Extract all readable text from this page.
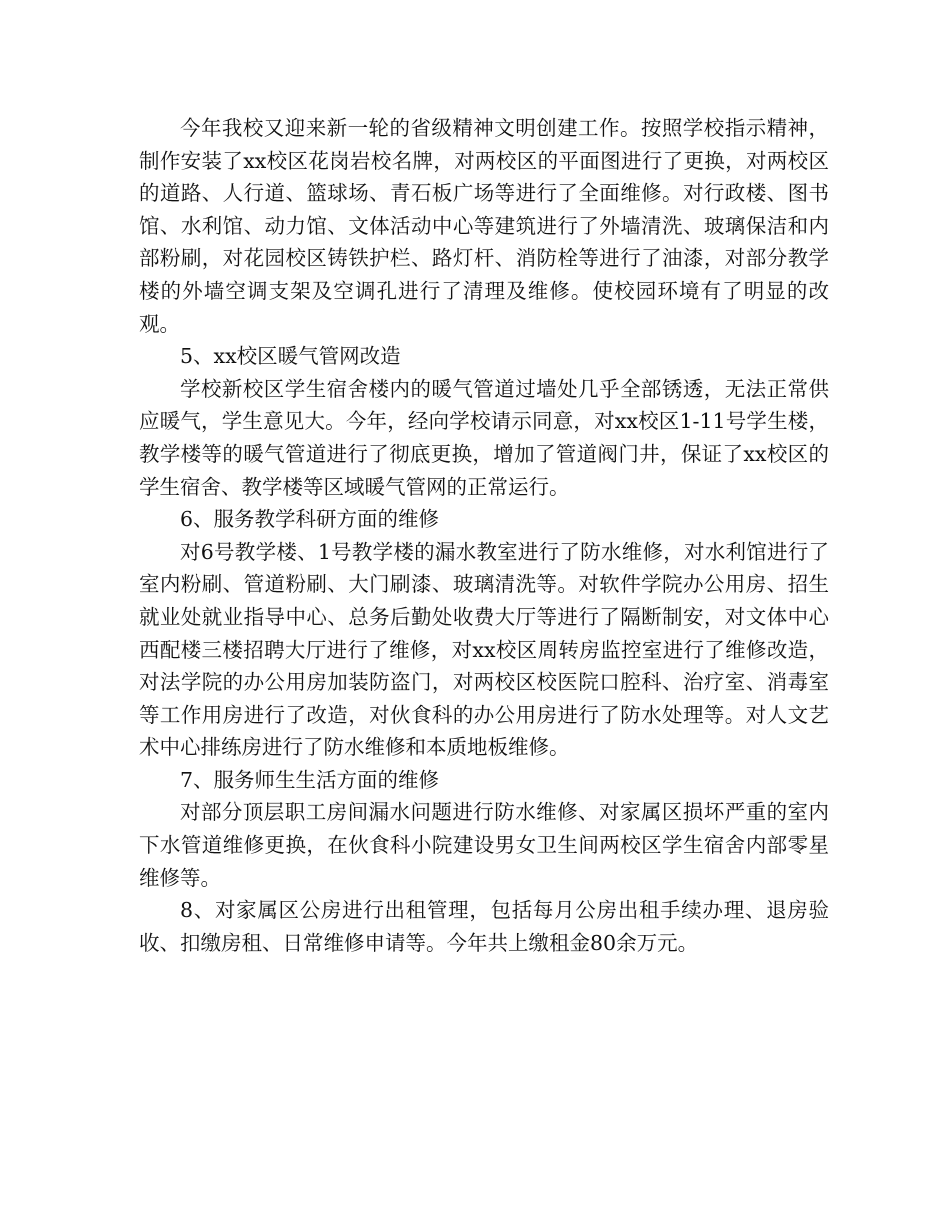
今年我校又迎来新一轮的省级精神文明创建工作。按照学校指示精神，制作安装了xx校区花岗岩校名牌，对两校区的平面图进行了更换，对两校区的道路、人行道、篮球场、青石板广场等进行了全面维修。对行政楼、图书馆、水利馆、动力馆、文体活动中心等建筑进行了外墙清洗、玻璃保洁和内部粉刷，对花园校区铸铁护栏、路灯杆、消防栓等进行了油漆，对部分教学楼的外墙空调支架及空调孔进行了清理及维修。使校园环境有了明显的改观。

5、xx校区暖气管网改造

学校新校区学生宿舍楼内的暖气管道过墙处几乎全部锈透，无法正常供应暖气，学生意见大。今年，经向学校请示同意，对xx校区1-11号学生楼，教学楼等的暖气管道进行了彻底更换，增加了管道阀门井，保证了xx校区的学生宿舍、教学楼等区域暖气管网的正常运行。

6、服务教学科研方面的维修

对6号教学楼、1号教学楼的漏水教室进行了防水维修，对水利馆进行了室内粉刷、管道粉刷、大门刷漆、玻璃清洗等。对软件学院办公用房、招生就业处就业指导中心、总务后勤处收费大厅等进行了隔断制安，对文体中心西配楼三楼招聘大厅进行了维修，对xx校区周转房监控室进行了维修改造，对法学院的办公用房加装防盗门，对两校区校医院口腔科、治疗室、消毒室等工作用房进行了改造，对伙食科的办公用房进行了防水处理等。对人文艺术中心排练房进行了防水维修和本质地板维修。

7、服务师生生活方面的维修

对部分顶层职工房间漏水问题进行防水维修、对家属区损坏严重的室内下水管道维修更换，在伙食科小院建设男女卫生间两校区学生宿舍内部零星维修等。

8、对家属区公房进行出租管理，包括每月公房出租手续办理、退房验收、扣缴房租、日常维修申请等。今年共上缴租金80余万元。
